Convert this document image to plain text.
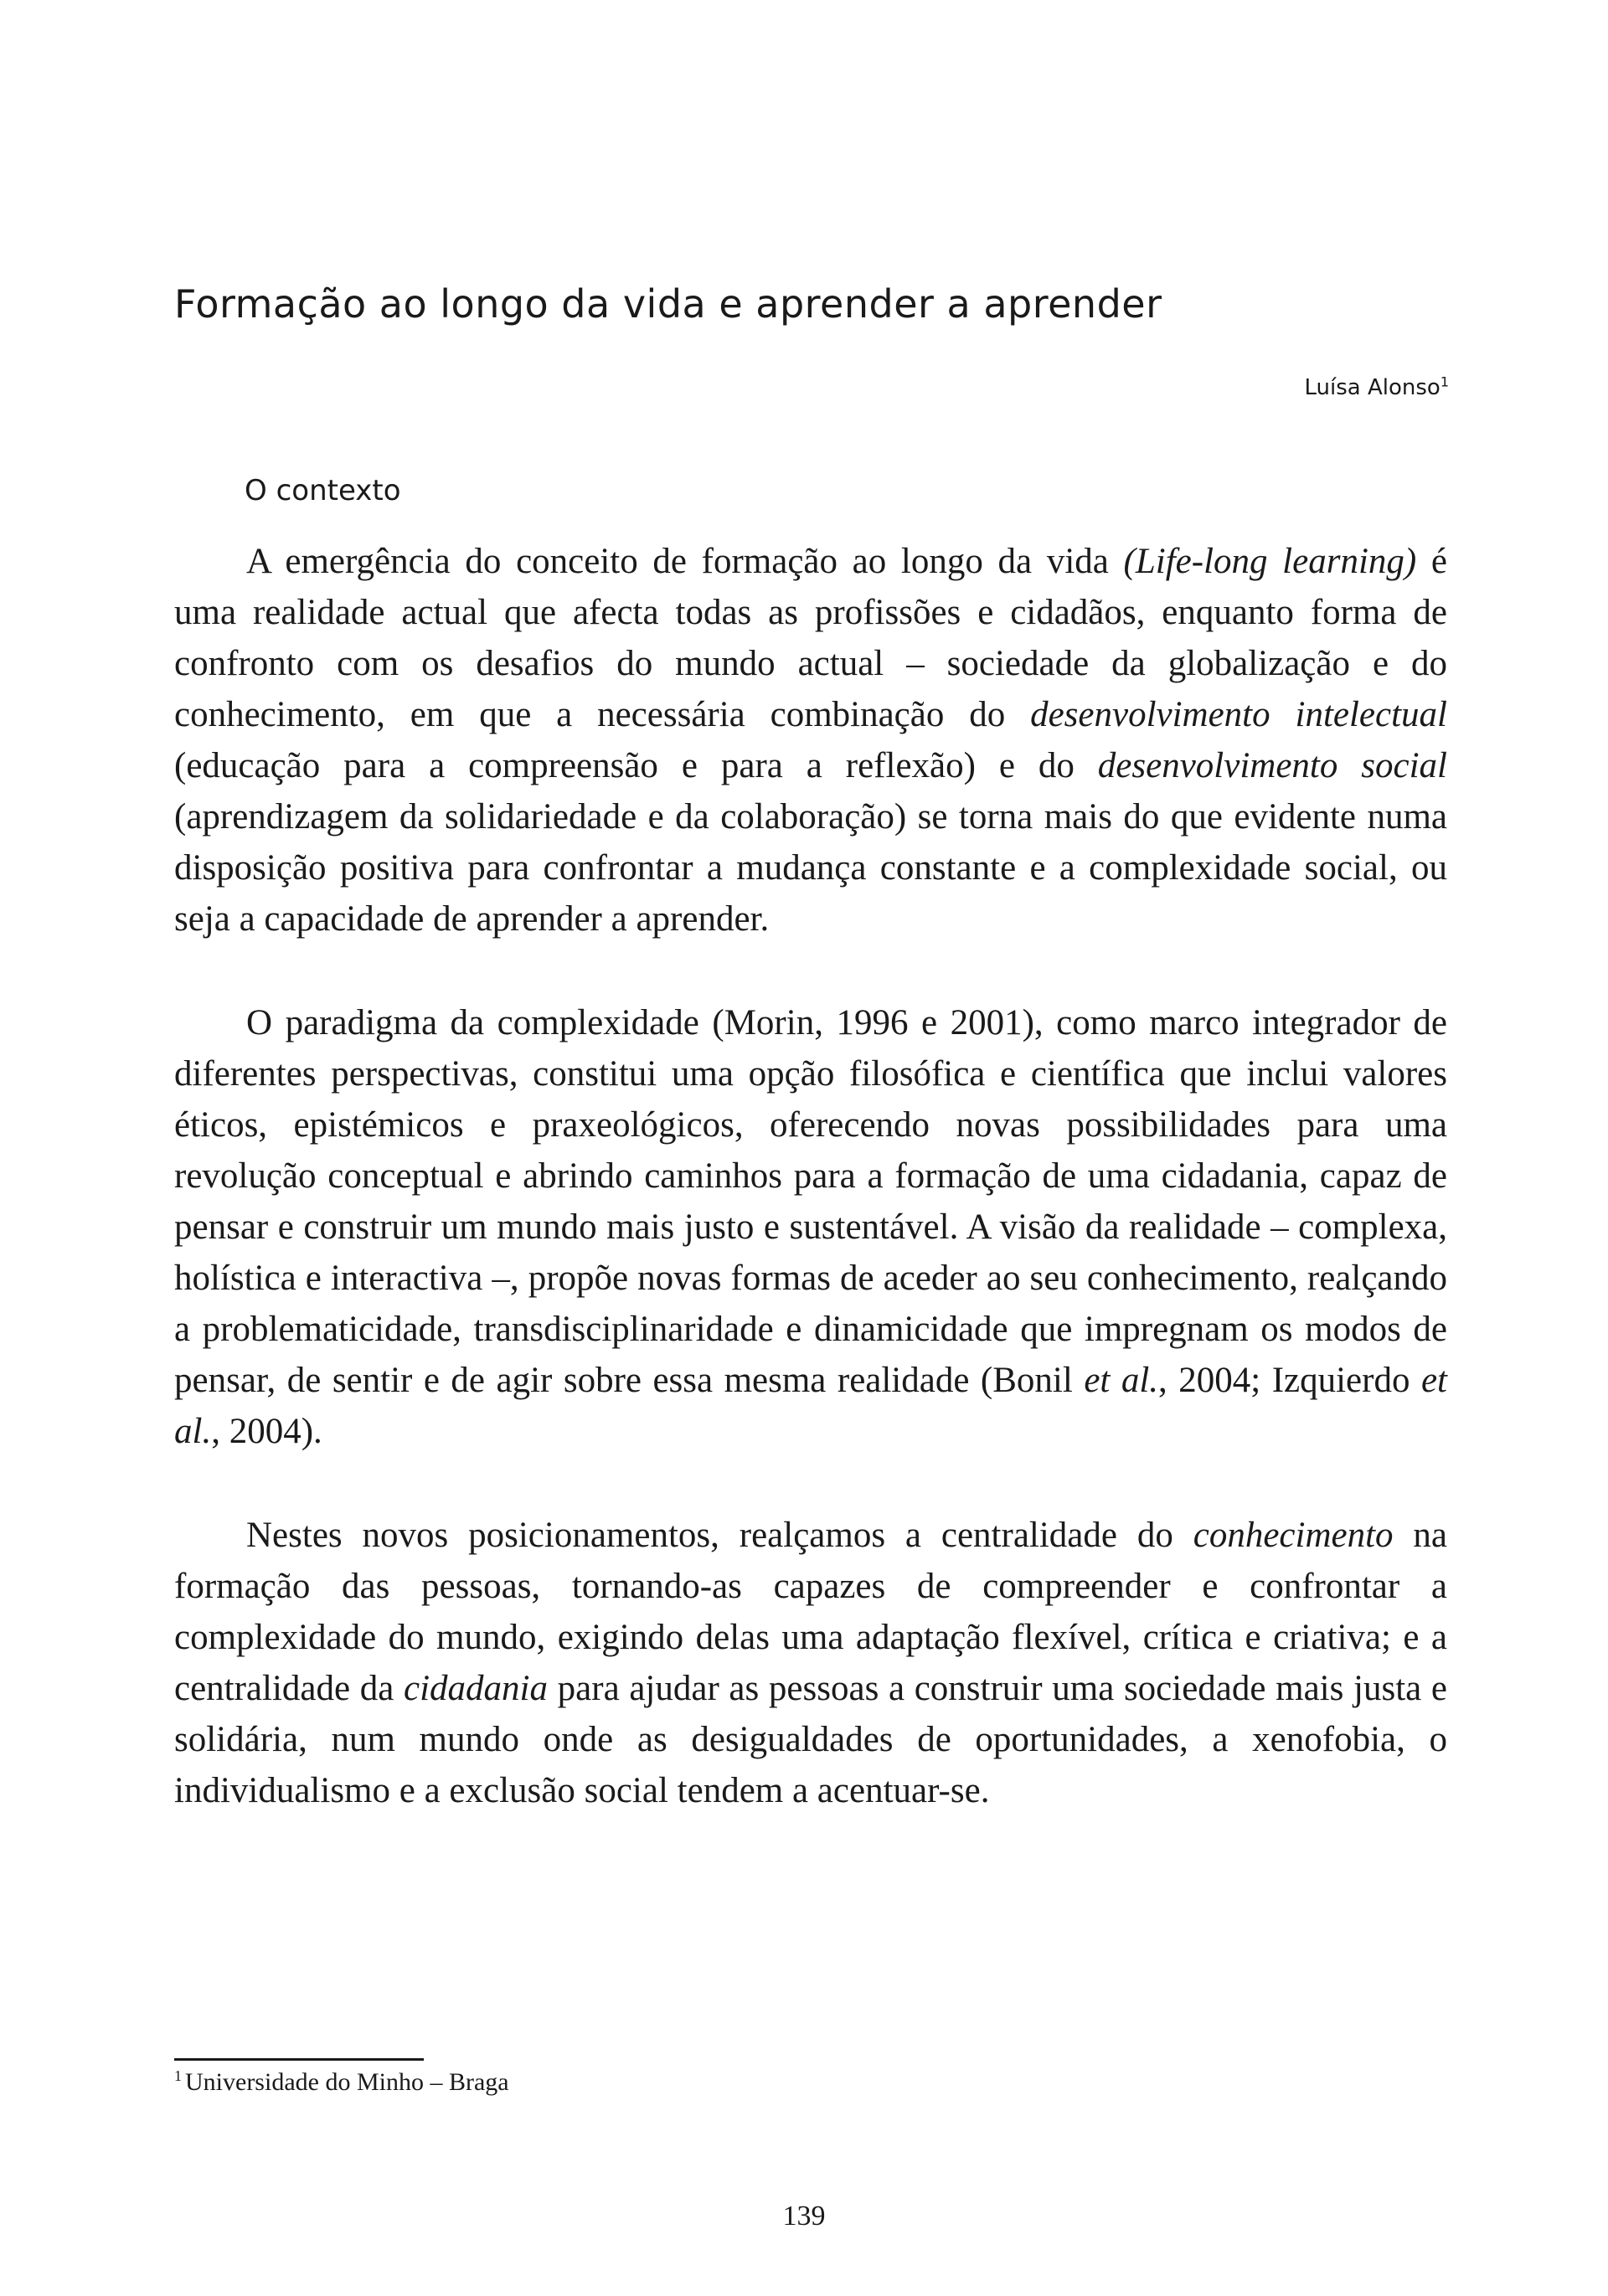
Formação ao longo da vida e aprender a aprender
Luísa Alonso$^1$
O contexto

A emergência do conceito de formação ao longo da vida (Life-long learning) é uma realidade actual que afecta todas as profissões e cidadãos, enquanto forma de confronto com os desafios do mundo actual – sociedade da globalização e do conhecimento, em que a necessária combinação do desenvolvimento intelectual (educação para a compreensão e para a reflexão) e do desenvolvimento social (aprendizagem da solidariedade e da colaboração) se torna mais do que evidente numa disposição positiva para confrontar a mudança constante e a complexidade social, ou seja a capacidade de aprender a aprender.

O paradigma da complexidade (Morin, 1996 e 2001), como marco integrador de diferentes perspectivas, constitui uma opção filosófica e científica que inclui valores éticos, epistémicos e praxeológicos, oferecendo novas possibilidades para uma revolução conceptual e abrindo caminhos para a formação de uma cidadania, capaz de pensar e construir um mundo mais justo e sustentável. A visão da realidade – complexa, holística e interactiva –, propõe novas formas de aceder ao seu conhecimento, realçando a problematicidade, transdisciplinaridade e dinamicidade que impregnam os modos de pensar, de sentir e de agir sobre essa mesma realidade (Bonil et al., 2004; Izquierdo et al., 2004).

Nestes novos posicionamentos, realçamos a centralidade do conhecimento na formação das pessoas, tornando-as capazes de compreender e confrontar a complexidade do mundo, exigindo delas uma adaptação flexível, crítica e criativa; e a centralidade da cidadania para ajudar as pessoas a construir uma sociedade mais justa e solidária, num mundo onde as desigualdades de oportunidades, a xenofobia, o individualismo e a exclusão social tendem a acentuar-se.

$^1$ Universidade do Minho – Braga
139
